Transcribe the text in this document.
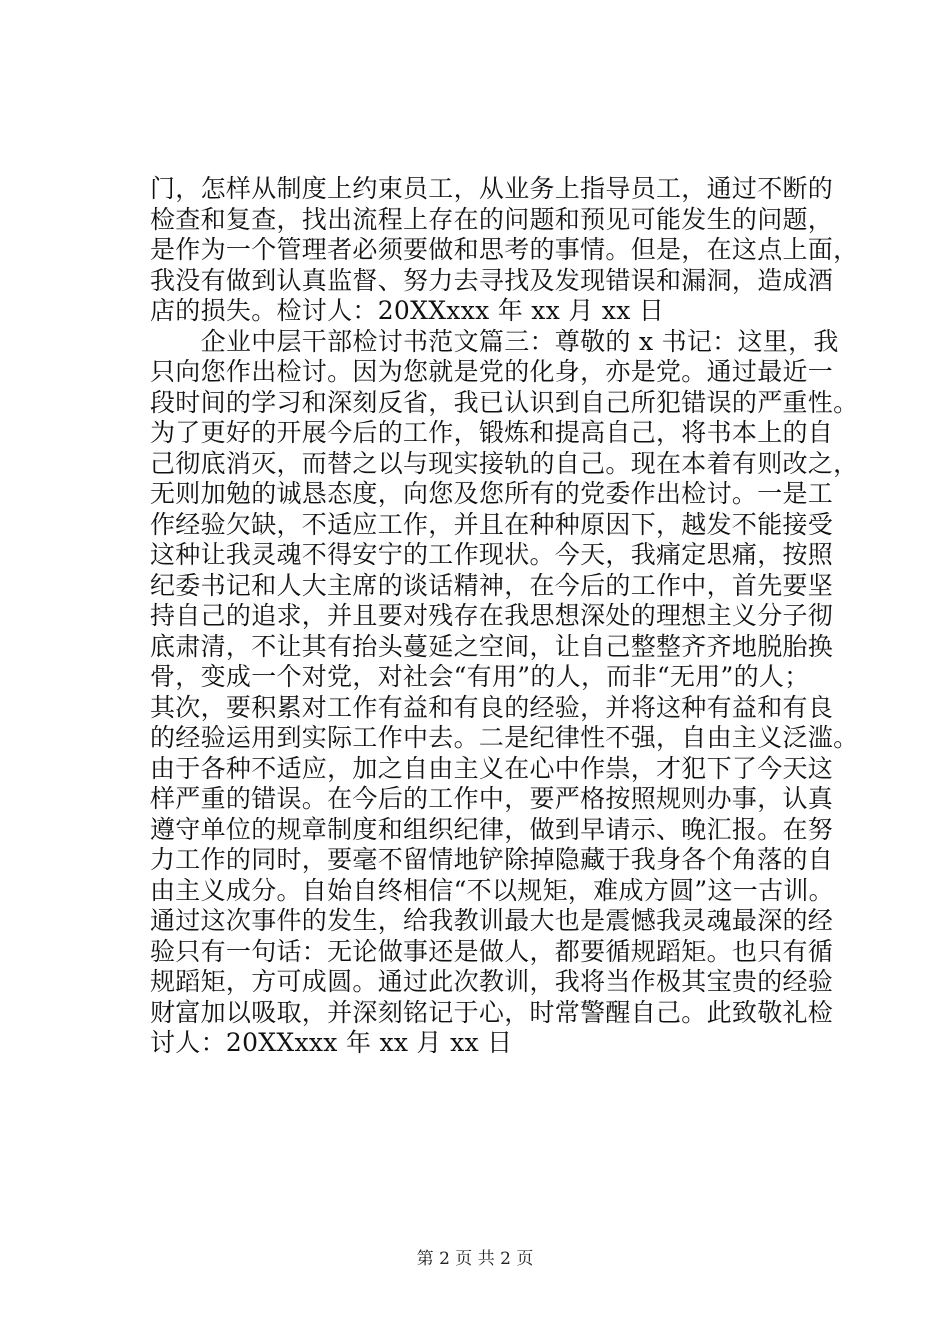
门，怎样从制度上约束员工，从业务上指导员工，通过不断的
检查和复查，找出流程上存在的问题和预见可能发生的问题，
是作为一个管理者必须要做和思考的事情。但是，在这点上面，
我没有做到认真监督、努力去寻找及发现错误和漏洞，造成酒
店的损失。检讨人：20XXxxx 年 xx 月 xx 日
　　企业中层干部检讨书范文篇三：尊敬的 x 书记：这里，我
只向您作出检讨。因为您就是党的化身，亦是党。通过最近一
段时间的学习和深刻反省，我已认识到自己所犯错误的严重性。
为了更好的开展今后的工作，锻炼和提高自己，将书本上的自
己彻底消灭，而替之以与现实接轨的自己。现在本着有则改之，
无则加勉的诚恳态度，向您及您所有的党委作出检讨。一是工
作经验欠缺，不适应工作，并且在种种原因下，越发不能接受
这种让我灵魂不得安宁的工作现状。今天，我痛定思痛，按照
纪委书记和人大主席的谈话精神，在今后的工作中，首先要坚
持自己的追求，并且要对残存在我思想深处的理想主义分子彻
底肃清，不让其有抬头蔓延之空间，让自己整整齐齐地脱胎换
骨，变成一个对党，对社会“有用”的人，而非“无用”的人；
其次，要积累对工作有益和有良的经验，并将这种有益和有良
的经验运用到实际工作中去。二是纪律性不强，自由主义泛滥。
由于各种不适应，加之自由主义在心中作祟，才犯下了今天这
样严重的错误。在今后的工作中，要严格按照规则办事，认真
遵守单位的规章制度和组织纪律，做到早请示、晚汇报。在努
力工作的同时，要毫不留情地铲除掉隐藏于我身各个角落的自
由主义成分。自始自终相信“不以规矩，难成方圆”这一古训。
通过这次事件的发生，给我教训最大也是震憾我灵魂最深的经
验只有一句话：无论做事还是做人，都要循规蹈矩。也只有循
规蹈矩，方可成圆。通过此次教训，我将当作极其宝贵的经验
财富加以吸取，并深刻铭记于心，时常警醒自己。此致敬礼检
讨人：20XXxxx 年 xx 月 xx 日
第 2 页 共 2 页
